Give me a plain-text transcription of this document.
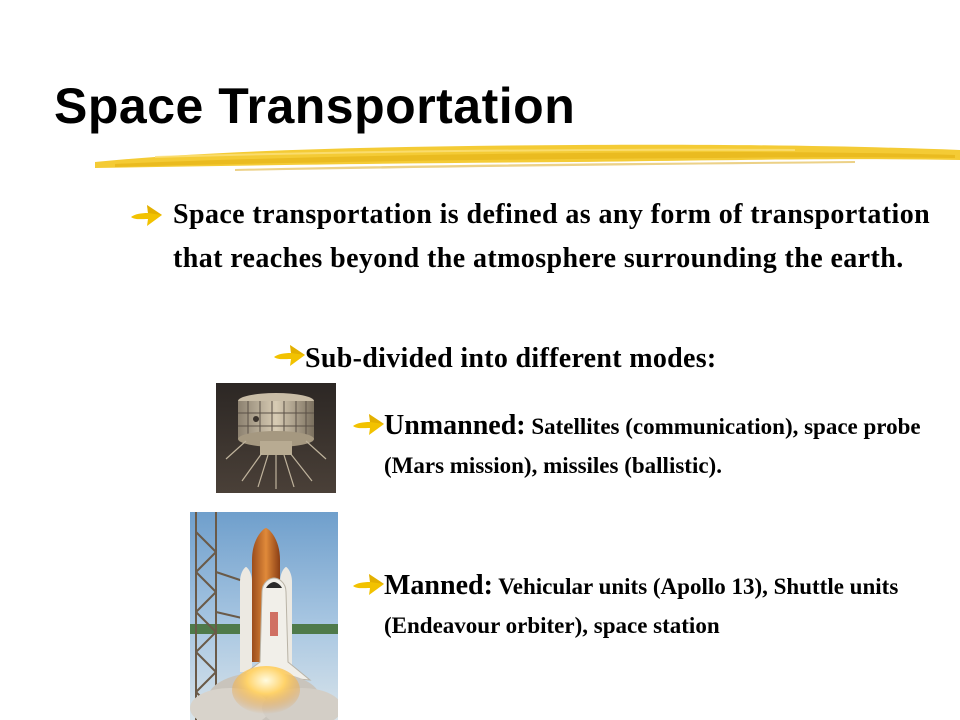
Space Transportation

Space transportation is defined as any form of transportation that reaches beyond the atmosphere surrounding the earth.

Sub-divided into different modes:

Unmanned: Satellites (communication), space probe (Mars mission), missiles (ballistic).

Manned: Vehicular units (Apollo 13), Shuttle units (Endeavour orbiter), space station
